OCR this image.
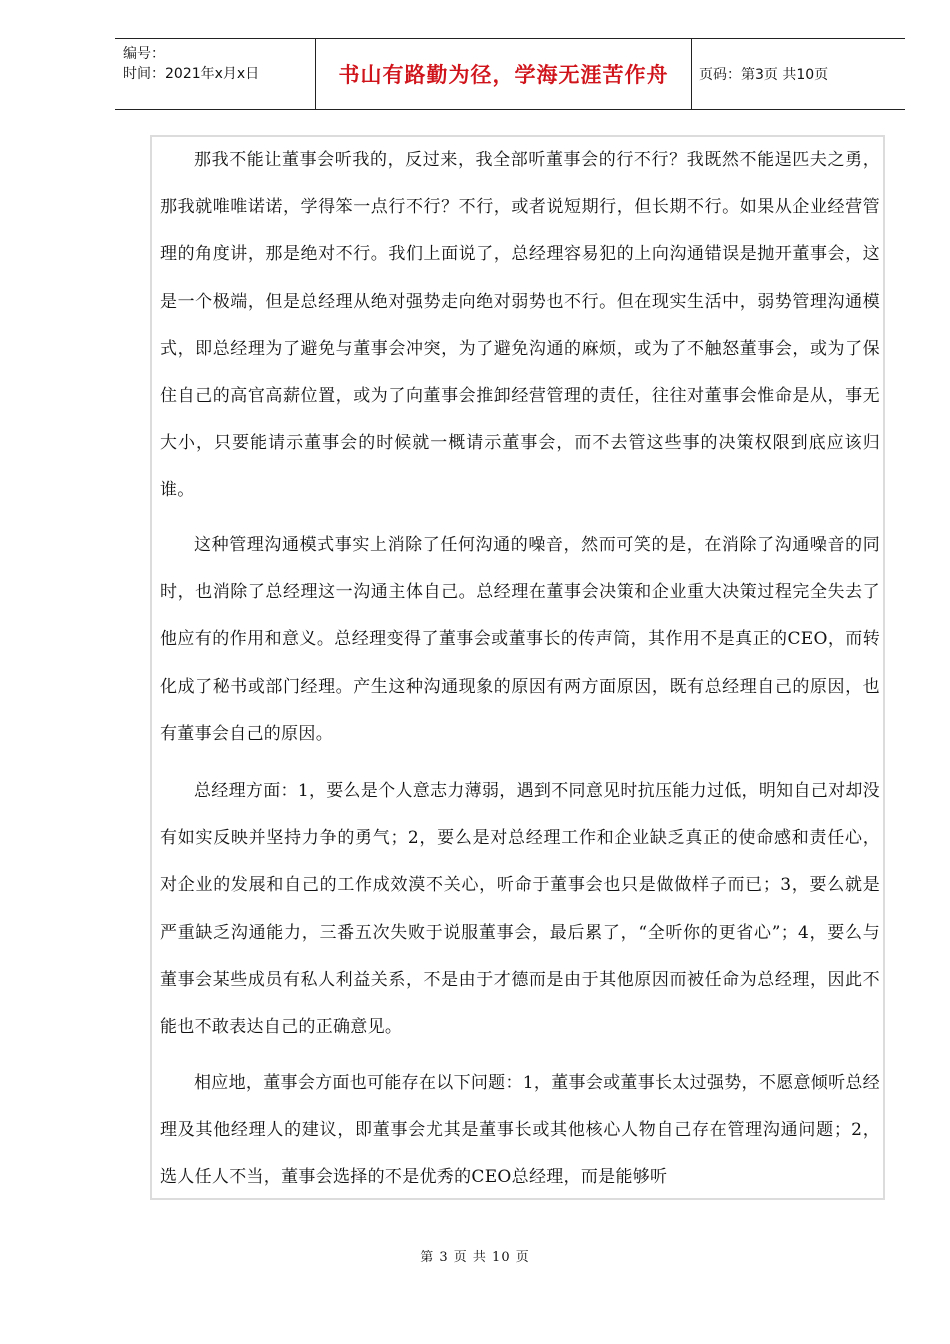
编号：
时间：2021年x月x日	书山有路勤为径，学海无涯苦作舟 页码：第3页 共10页

那我不能让董事会听我的，反过来，我全部听董事会的行不行？我既然不能逞匹夫之勇，那我就唯唯诺诺，学得笨一点行不行？不行，或者说短期行，但长期不行。如果从企业经营管理的角度讲，那是绝对不行。我们上面说了，总经理容易犯的上向沟通错误是抛开董事会，这是一个极端，但是总经理从绝对强势走向绝对弱势也不行。但在现实生活中，弱势管理沟通模式，即总经理为了避免与董事会冲突，为了避免沟通的麻烦，或为了不触怒董事会，或为了保住自己的高官高薪位置，或为了向董事会推卸经营管理的责任，往往对董事会惟命是从，事无大小，只要能请示董事会的时候就一概请示董事会，而不去管这些事的决策权限到底应该归谁。

这种管理沟通模式事实上消除了任何沟通的噪音，然而可笑的是，在消除了沟通噪音的同时，也消除了总经理这一沟通主体自己。总经理在董事会决策和企业重大决策过程完全失去了他应有的作用和意义。总经理变得了董事会或董事长的传声筒，其作用不是真正的CEO，而转化成了秘书或部门经理。产生这种沟通现象的原因有两方面原因，既有总经理自己的原因，也有董事会自己的原因。

总经理方面：1，要么是个人意志力薄弱，遇到不同意见时抗压能力过低，明知自己对却没有如实反映并坚持力争的勇气；2，要么是对总经理工作和企业缺乏真正的使命感和责任心，对企业的发展和自己的工作成效漠不关心，听命于董事会也只是做做样子而已；3，要么就是严重缺乏沟通能力，三番五次失败于说服董事会，最后累了，“全听你的更省心”；4，要么与董事会某些成员有私人利益关系，不是由于才德而是由于其他原因而被任命为总经理，因此不能也不敢表达自己的正确意见。

相应地，董事会方面也可能存在以下问题：1，董事会或董事长太过强势，不愿意倾听总经理及其他经理人的建议，即董事会尤其是董事长或其他核心人物自己存在管理沟通问题；2，选人任人不当，董事会选择的不是优秀的CEO总经理，而是能够听

第 3 页 共 10 页
